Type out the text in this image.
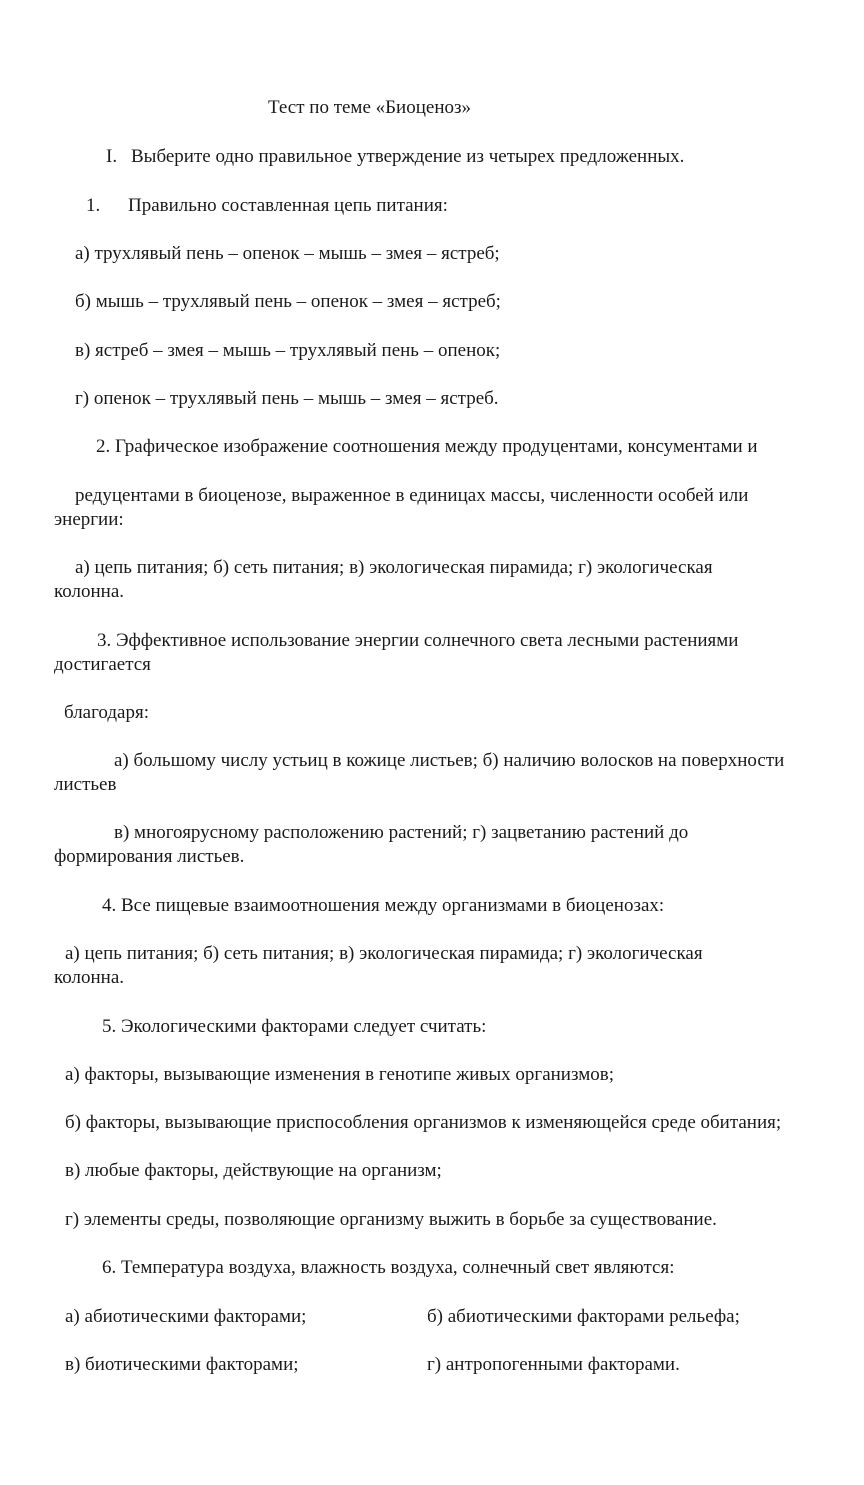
Тест по теме «Биоценоз»
I. Выберите одно правильное утверждение из четырех предложенных.
1. Правильно составленная цепь питания:
а) трухлявый пень – опенок – мышь – змея – ястреб;
б) мышь – трухлявый пень – опенок – змея – ястреб;
в) ястреб – змея – мышь – трухлявый пень – опенок;
г) опенок – трухлявый пень – мышь – змея – ястреб.
2. Графическое изображение соотношения между продуцентами, консументами и
редуцентами в биоценозе, выраженное в единицах массы, численности особей или
энергии:
а) цепь питания; б) сеть питания; в) экологическая пирамида; г) экологическая
колонна.
3. Эффективное использование энергии солнечного света лесными растениями
достигается
благодаря:
а) большому числу устьиц в кожице листьев; б) наличию волосков на поверхности
листьев
в) многоярусному расположению растений; г) зацветанию растений до
формирования листьев.
4. Все пищевые взаимоотношения между организмами в биоценозах:
а) цепь питания; б) сеть питания; в) экологическая пирамида; г) экологическая
колонна.
5. Экологическими факторами следует считать:
а) факторы, вызывающие изменения в генотипе живых организмов;
б) факторы, вызывающие приспособления организмов к изменяющейся среде обитания;
в) любые факторы, действующие на организм;
г) элементы среды, позволяющие организму выжить в борьбе за существование.
6. Температура воздуха, влажность воздуха, солнечный свет являются:
а) абиотическими факторами;	б) абиотическими факторами рельефа;
в) биотическими факторами;	г) антропогенными факторами.
